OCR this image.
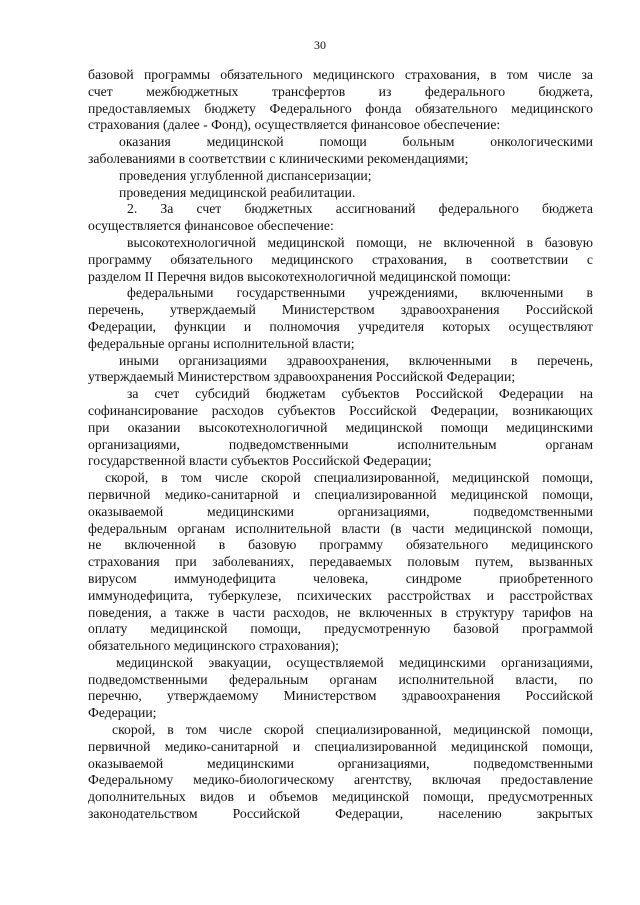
30
базовой программы обязательного медицинского страхования, в том числе за
счет межбюджетных трансфертов из федерального бюджета,
предоставляемых бюджету Федерального фонда обязательного медицинского
страхования (далее - Фонд), осуществляется финансовое обеспечение:
оказания медицинской помощи больным онкологическими
заболеваниями в соответствии с клиническими рекомендациями;
проведения углубленной диспансеризации;
проведения медицинской реабилитации.
2. За счет бюджетных ассигнований федерального бюджета
осуществляется финансовое обеспечение:
высокотехнологичной медицинской помощи, не включенной в базовую
программу обязательного медицинского страхования, в соответствии с
разделом II Перечня видов высокотехнологичной медицинской помощи:
федеральными государственными учреждениями, включенными в
перечень, утверждаемый Министерством здравоохранения Российской
Федерации, функции и полномочия учредителя которых осуществляют
федеральные органы исполнительной власти;
иными организациями здравоохранения, включенными в перечень,
утверждаемый Министерством здравоохранения Российской Федерации;
за счет субсидий бюджетам субъектов Российской Федерации на
софинансирование расходов субъектов Российской Федерации, возникающих
при оказании высокотехнологичной медицинской помощи медицинскими
организациями, подведомственными исполнительным органам
государственной власти субъектов Российской Федерации;
скорой, в том числе скорой специализированной, медицинской помощи,
первичной медико-санитарной и специализированной медицинской помощи,
оказываемой медицинскими организациями, подведомственными
федеральным органам исполнительной власти (в части медицинской помощи,
не включенной в базовую программу обязательного медицинского
страхования при заболеваниях, передаваемых половым путем, вызванных
вирусом иммунодефицита человека, синдроме приобретенного
иммунодефицита, туберкулезе, психических расстройствах и расстройствах
поведения, а также в части расходов, не включенных в структуру тарифов на
оплату медицинской помощи, предусмотренную базовой программой
обязательного медицинского страхования);
медицинской эвакуации, осуществляемой медицинскими организациями,
подведомственными федеральным органам исполнительной власти, по
перечню, утверждаемому Министерством здравоохранения Российской
Федерации;
скорой, в том числе скорой специализированной, медицинской помощи,
первичной медико-санитарной и специализированной медицинской помощи,
оказываемой медицинскими организациями, подведомственными
Федеральному медико-биологическому агентству, включая предоставление
дополнительных видов и объемов медицинской помощи, предусмотренных
законодательством Российской Федерации, населению закрытых
